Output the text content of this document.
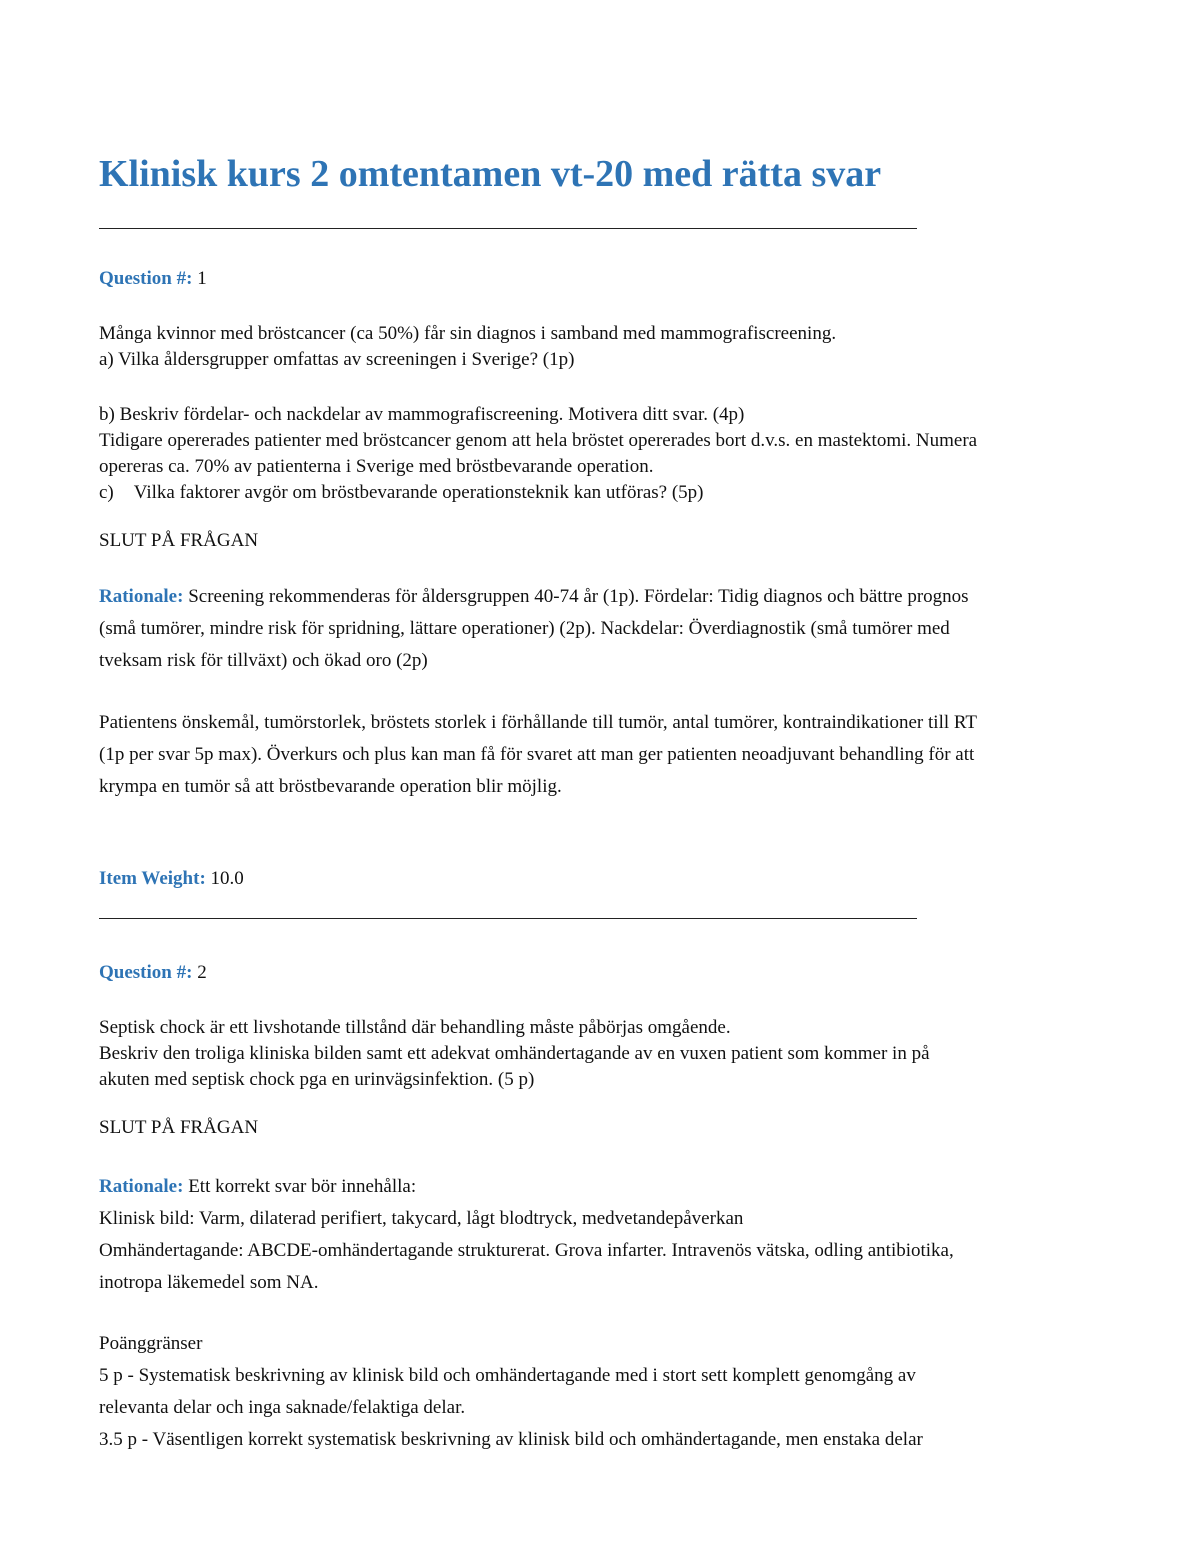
Klinisk kurs 2 omtentamen vt-20 med rätta svar
Question #: 1
Många kvinnor med bröstcancer (ca 50%) får sin diagnos i samband med mammografiscreening.
a) Vilka åldersgrupper omfattas av screeningen i Sverige? (1p)
b) Beskriv fördelar- och nackdelar av mammografiscreening. Motivera ditt svar. (4p)
Tidigare opererades patienter med bröstcancer genom att hela bröstet opererades bort d.v.s. en mastektomi. Numera
opereras ca. 70% av patienterna i Sverige med bröstbevarande operation.
c) Vilka faktorer avgör om bröstbevarande operationsteknik kan utföras? (5p)
SLUT PÅ FRÅGAN
Rationale: Screening rekommenderas för åldersgruppen 40-74 år (1p). Fördelar: Tidig diagnos och bättre prognos
(små tumörer, mindre risk för spridning, lättare operationer) (2p). Nackdelar: Överdiagnostik (små tumörer med
tveksam risk för tillväxt) och ökad oro (2p)
Patientens önskemål, tumörstorlek, bröstets storlek i förhållande till tumör, antal tumörer, kontraindikationer till RT
(1p per svar 5p max). Överkurs och plus kan man få för svaret att man ger patienten neoadjuvant behandling för att
krympa en tumör så att bröstbevarande operation blir möjlig.
Item Weight: 10.0
Question #: 2
Septisk chock är ett livshotande tillstånd där behandling måste påbörjas omgående.
Beskriv den troliga kliniska bilden samt ett adekvat omhändertagande av en vuxen patient som kommer in på
akuten med septisk chock pga en urinvägsinfektion. (5 p)
SLUT PÅ FRÅGAN
Rationale: Ett korrekt svar bör innehålla:
Klinisk bild: Varm, dilaterad perifiert, takycard, lågt blodtryck, medvetandepåverkan
Omhändertagande: ABCDE-omhändertagande strukturerat. Grova infarter. Intravenös vätska, odling antibiotika,
inotropa läkemedel som NA.
Poänggränser
5 p - Systematisk beskrivning av klinisk bild och omhändertagande med i stort sett komplett genomgång av
relevanta delar och inga saknade/felaktiga delar.
3.5 p - Väsentligen korrekt systematisk beskrivning av klinisk bild och omhändertagande, men enstaka delar
